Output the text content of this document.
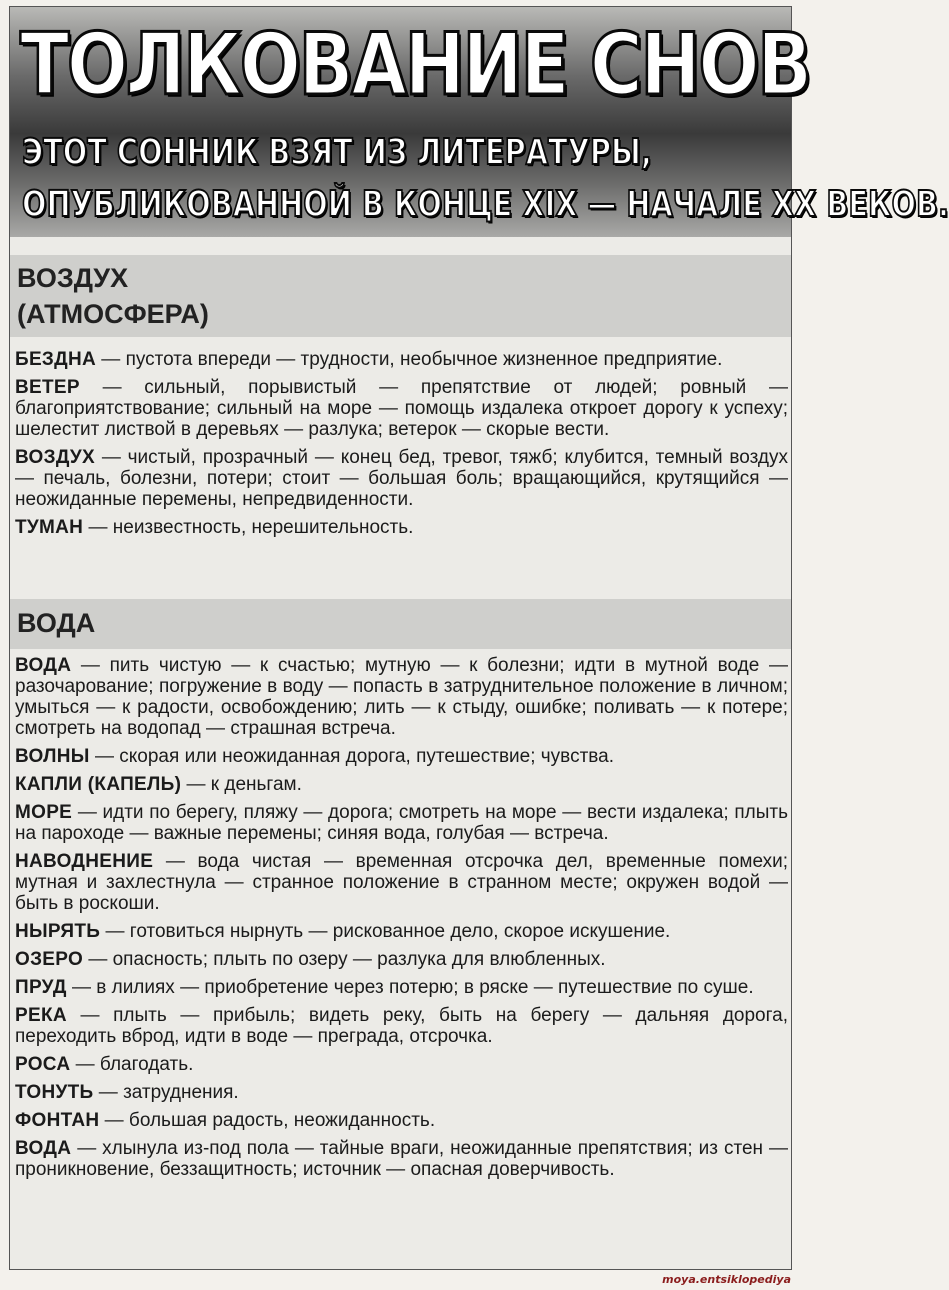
ТОЛКОВАНИЕ СНОВ
ЭТОТ СОННИК ВЗЯТ ИЗ ЛИТЕРАТУРЫ,
ОПУБЛИКОВАННОЙ В КОНЦЕ XIX — НАЧАЛЕ XX ВЕКОВ.
ВОЗДУХ
(АТМОСФЕРА)
БЕЗДНА — пустота впереди — трудности, необычное жизненное предприятие.
ВЕТЕР — сильный, порывистый — препятствие от людей; ровный — благоприятствование; сильный на море — помощь издалека откроет дорогу к успеху; шелестит листвой в деревьях — разлука; ветерок — скорые вести.
ВОЗДУХ — чистый, прозрачный — конец бед, тревог, тяжб; клубится, темный воздух — печаль, болезни, потери; стоит — большая боль; вращающийся, крутящийся — неожиданные перемены, непредвиденности.
ТУМАН — неизвестность, нерешительность.
ВОДА
ВОДА — пить чистую — к счастью; мутную — к болезни; идти в мутной воде — разочарование; погружение в воду — попасть в затруднительное положение в личном; умыться — к радости, освобождению; лить — к стыду, ошибке; поливать — к потере; смотреть на водопад — страшная встреча.
ВОЛНЫ — скорая или неожиданная дорога, путешествие; чувства.
КАПЛИ (КАПЕЛЬ) — к деньгам.
МОРЕ — идти по берегу, пляжу — дорога; смотреть на море — вести издалека; плыть на пароходе — важные перемены; синяя вода, голубая — встреча.
НАВОДНЕНИЕ — вода чистая — временная отсрочка дел, временные помехи; мутная и захлестнула — странное положение в странном месте; окружен водой — быть в роскоши.
НЫРЯТЬ — готовиться нырнуть — рискованное дело, скорое искушение.
ОЗЕРО — опасность; плыть по озеру — разлука для влюбленных.
ПРУД — в лилиях — приобретение через потерю; в ряске — путешествие по суше.
РЕКА — плыть — прибыль; видеть реку, быть на берегу — дальняя дорога, переходить вброд, идти в воде — преграда, отсрочка.
РОСА — благодать.
ТОНУТЬ — затруднения.
ФОНТАН — большая радость, неожиданность.
ВОДА — хлынула из-под пола — тайные враги, неожиданные препятствия; из стен — проникновение, беззащитность; источник — опасная доверчивость.
moya.entsiklopediya
